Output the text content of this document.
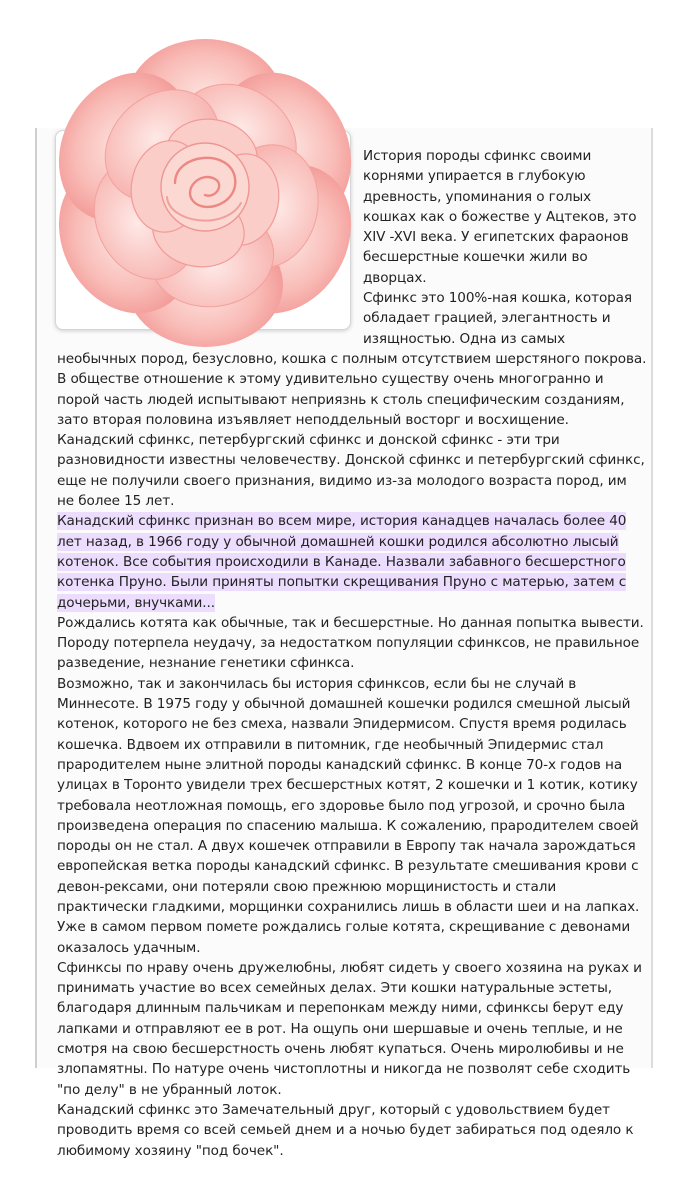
История породы сфинкс своими корнями упирается в глубокую древность, упоминания о голых кошках как о божестве у Ацтеков, это XIV -XVI века. У египетских фараонов бесшерстные кошечки жили во дворцах.

Сфинкс это 100%-ная кошка, которая обладает грацией, элегантность и изящностью. Одна из самых необычных пород, безусловно, кошка с полным отсутствием шерстяного покрова. В обществе отношение к этому удивительно существу очень многогранно и порой часть людей испытывают неприязнь к столь специфическим созданиям, зато вторая половина изъявляет неподдельный восторг и восхищение.

Канадский сфинкс, петербургский сфинкс и донской сфинкс - эти три разновидности известны человечеству. Донской сфинкс и петербургский сфинкс, еще не получили своего признания, видимо из-за молодого возраста пород, им не более 15 лет.

Канадский сфинкс признан во всем мире, история канадцев началась более 40 лет назад, в 1966 году у обычной домашней кошки родился абсолютно лысый котенок. Все события происходили в Канаде. Назвали забавного бесшерстного котенка Пруно. Были приняты попытки скрещивания Пруно с матерью, затем с дочерьми, внучками...

Рождались котята как обычные, так и бесшерстные. Но данная попытка вывести. Породу потерпела неудачу, за недостатком популяции сфинксов, не правильное разведение, незнание генетики сфинкса.

Возможно, так и закончилась бы история сфинксов, если бы не случай в Миннесоте. В 1975 году у обычной домашней кошечки родился смешной лысый котенок, которого не без смеха, назвали Эпидермисом. Спустя время родилась кошечка. Вдвоем их отправили в питомник, где необычный Эпидермис стал прародителем ныне элитной породы канадский сфинкс. В конце 70-х годов на улицах в Торонто увидели трех бесшерстных котят, 2 кошечки и 1 котик, котику требовала неотложная помощь, его здоровье было под угрозой, и срочно была произведена операция по спасению малыша. К сожалению, прародителем своей породы он не стал. А двух кошечек отправили в Европу так начала зарождаться европейская ветка породы канадский сфинкс. В результате смешивания крови с девон-рексами, они потеряли свою прежнюю морщинистость и стали практически гладкими, морщинки сохранились лишь в области шеи и на лапках. Уже в самом первом помете рождались голые котята, скрещивание с девонами оказалось удачным.

Сфинксы по нраву очень дружелюбны, любят сидеть у своего хозяина на руках и принимать участие во всех семейных делах. Эти кошки натуральные эстеты, благодаря длинным пальчикам и перепонкам между ними, сфинксы берут еду лапками и отправляют ее в рот. На ощупь они шершавые и очень теплые, и не смотря на свою бесшерстность очень любят купаться. Очень миролюбивы и не злопамятны. По натуре очень чистоплотны и никогда не позволят себе сходить "по делу" в не убранный лоток.

Канадский сфинкс это Замечательный друг, который с удовольствием будет проводить время со всей семьей днем и а ночью будет забираться под одеяло к любимому хозяину "под бочек".
